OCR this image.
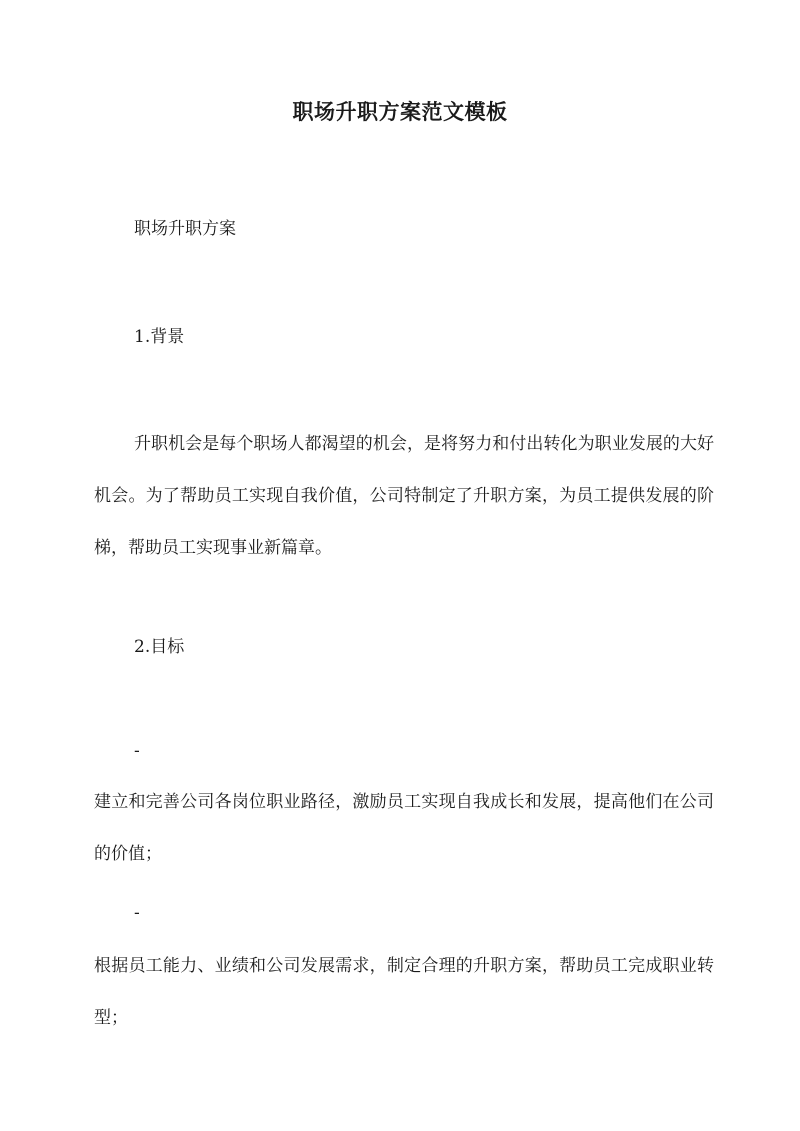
职场升职方案范文模板
职场升职方案
1.背景
升职机会是每个职场人都渴望的机会，是将努力和付出转化为职业发展的大好机会。为了帮助员工实现自我价值，公司特制定了升职方案，为员工提供发展的阶梯，帮助员工实现事业新篇章。
2.目标
-
建立和完善公司各岗位职业路径，激励员工实现自我成长和发展，提高他们在公司的价值；
-
根据员工能力、业绩和公司发展需求，制定合理的升职方案，帮助员工完成职业转型；
